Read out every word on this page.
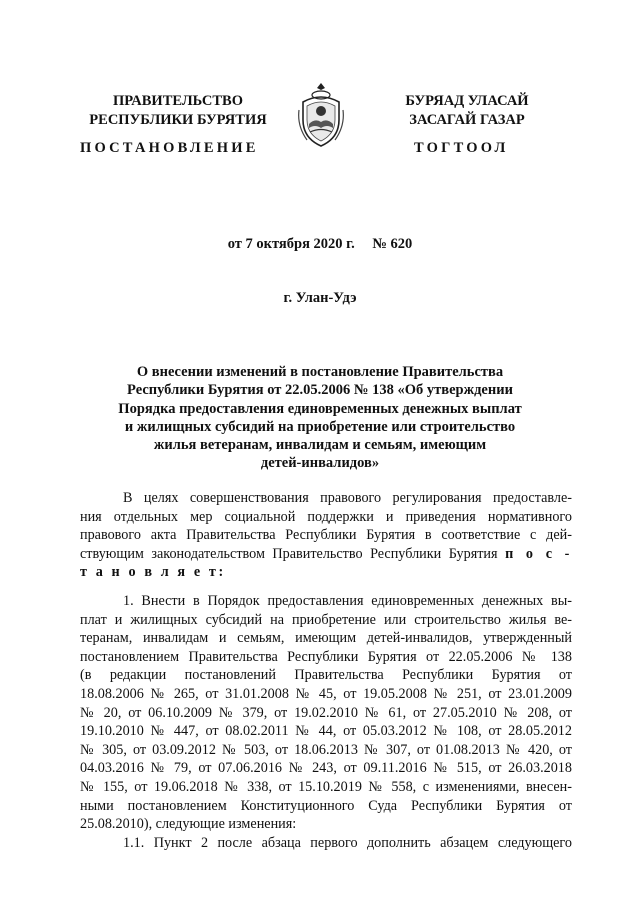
ПРАВИТЕЛЬСТВО
РЕСПУБЛИКИ БУРЯТИЯ
БУРЯАД УЛАСАЙ
ЗАСАГАЙ ГАЗАР
ПОСТАНОВЛЕНИЕ	ТОГТООЛ
от 7 октября 2020 г. № 620
г. Улан-Удэ
О внесении изменений в постановление Правительства
Республики Бурятия от 22.05.2006 № 138 «Об утверждении
Порядка предоставления единовременных денежных выплат
и жилищных субсидий на приобретение или строительство
жилья ветеранам, инвалидам и семьям, имеющим
детей-инвалидов»
В целях совершенствования правового регулирования предоставле-
ния отдельных мер социальной поддержки и приведения нормативного
правового акта Правительства Республики Бурятия в соответствие с дей-
ствующим законодательством Правительство Республики Бурятия п о с -
т а н о в л я е т:
1. Внести в Порядок предоставления единовременных денежных вы-
плат и жилищных субсидий на приобретение или строительство жилья ве-
теранам, инвалидам и семьям, имеющим детей-инвалидов, утвержденный
постановлением Правительства Республики Бурятия от 22.05.2006 № 138
(в редакции постановлений Правительства Республики Бурятия от
18.08.2006 № 265, от 31.01.2008 № 45, от 19.05.2008 № 251, от 23.01.2009
№ 20, от 06.10.2009 № 379, от 19.02.2010 № 61, от 27.05.2010 № 208, от
19.10.2010 № 447, от 08.02.2011 № 44, от 05.03.2012 № 108, от 28.05.2012
№ 305, от 03.09.2012 № 503, от 18.06.2013 № 307, от 01.08.2013 № 420, от
04.03.2016 № 79, от 07.06.2016 № 243, от 09.11.2016 № 515, от 26.03.2018
№ 155, от 19.06.2018 № 338, от 15.10.2019 № 558, с изменениями, внесен-
ными постановлением Конституционного Суда Республики Бурятия от
25.08.2010), следующие изменения:
1.1. Пункт 2 после абзаца первого дополнить абзацем следующего
